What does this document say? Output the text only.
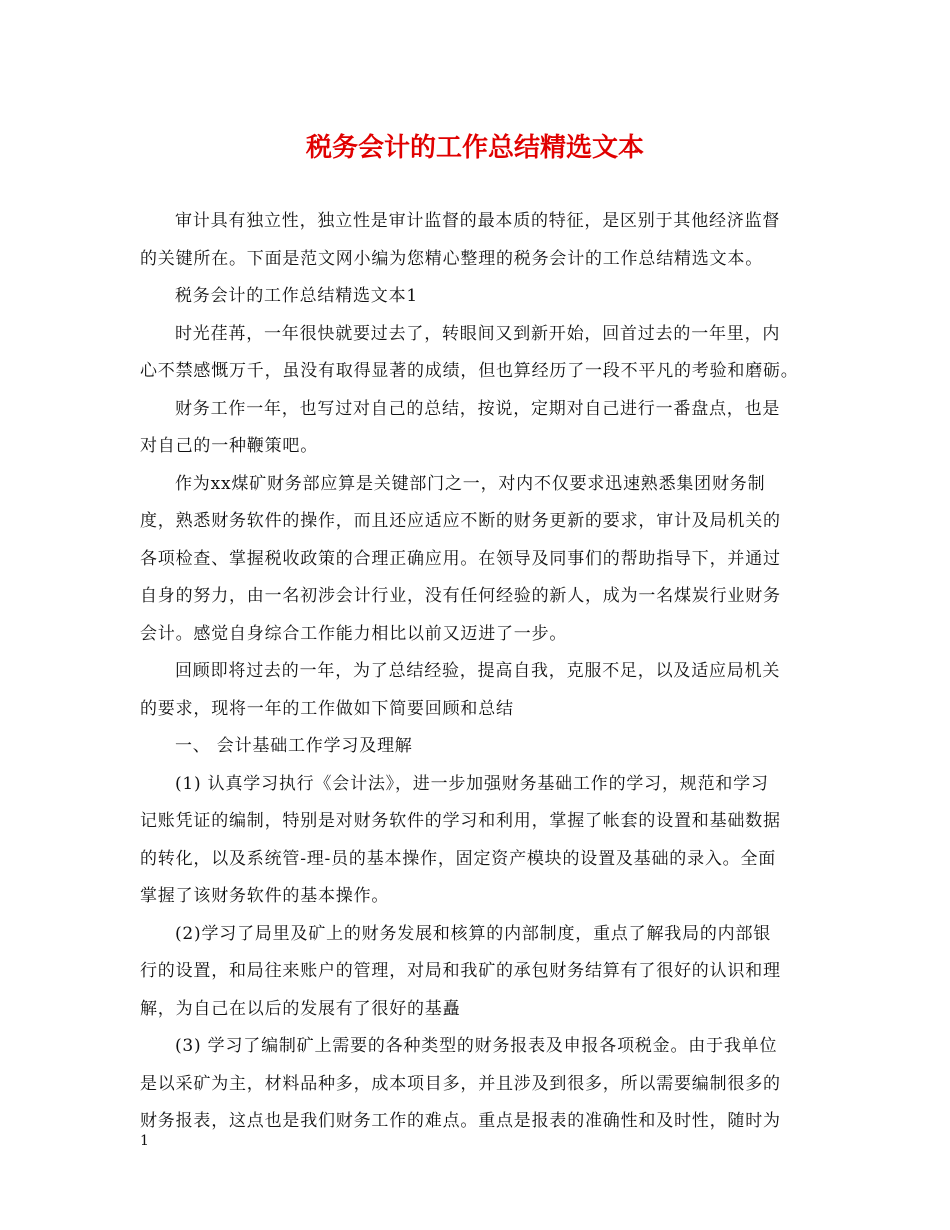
税务会计的工作总结精选文本
审计具有独立性，独立性是审计监督的最本质的特征，是区别于其他经济监督
的关键所在。下面是范文网小编为您精心整理的税务会计的工作总结精选文本。
税务会计的工作总结精选文本1
时光荏苒，一年很快就要过去了，转眼间又到新开始，回首过去的一年里，内
心不禁感慨万千，虽没有取得显著的成绩，但也算经历了一段不平凡的考验和磨砺。
财务工作一年，也写过对自己的总结，按说，定期对自己进行一番盘点，也是
对自己的一种鞭策吧。
作为xx煤矿财务部应算是关键部门之一，对内不仅要求迅速熟悉集团财务制
度，熟悉财务软件的操作，而且还应适应不断的财务更新的要求，审计及局机关的
各项检查、掌握税收政策的合理正确应用。在领导及同事们的帮助指导下，并通过
自身的努力，由一名初涉会计行业，没有任何经验的新人，成为一名煤炭行业财务
会计。感觉自身综合工作能力相比以前又迈进了一步。
回顾即将过去的一年，为了总结经验，提高自我，克服不足，以及适应局机关
的要求，现将一年的工作做如下简要回顾和总结
一、 会计基础工作学习及理解
(1) 认真学习执行《会计法》，进一步加强财务基础工作的学习，规范和学习
记账凭证的编制，特别是对财务软件的学习和利用，掌握了帐套的设置和基础数据
的转化，以及系统管-理-员的基本操作，固定资产模块的设置及基础的录入。全面
掌握了该财务软件的基本操作。
(2)学习了局里及矿上的财务发展和核算的内部制度，重点了解我局的内部银
行的设置，和局往来账户的管理，对局和我矿的承包财务结算有了很好的认识和理
解，为自己在以后的发展有了很好的基矗
(3) 学习了编制矿上需要的各种类型的财务报表及申报各项税金。由于我单位
是以采矿为主，材料品种多，成本项目多，并且涉及到很多，所以需要编制很多的
财务报表，这点也是我们财务工作的难点。重点是报表的准确性和及时性，随时为
1
